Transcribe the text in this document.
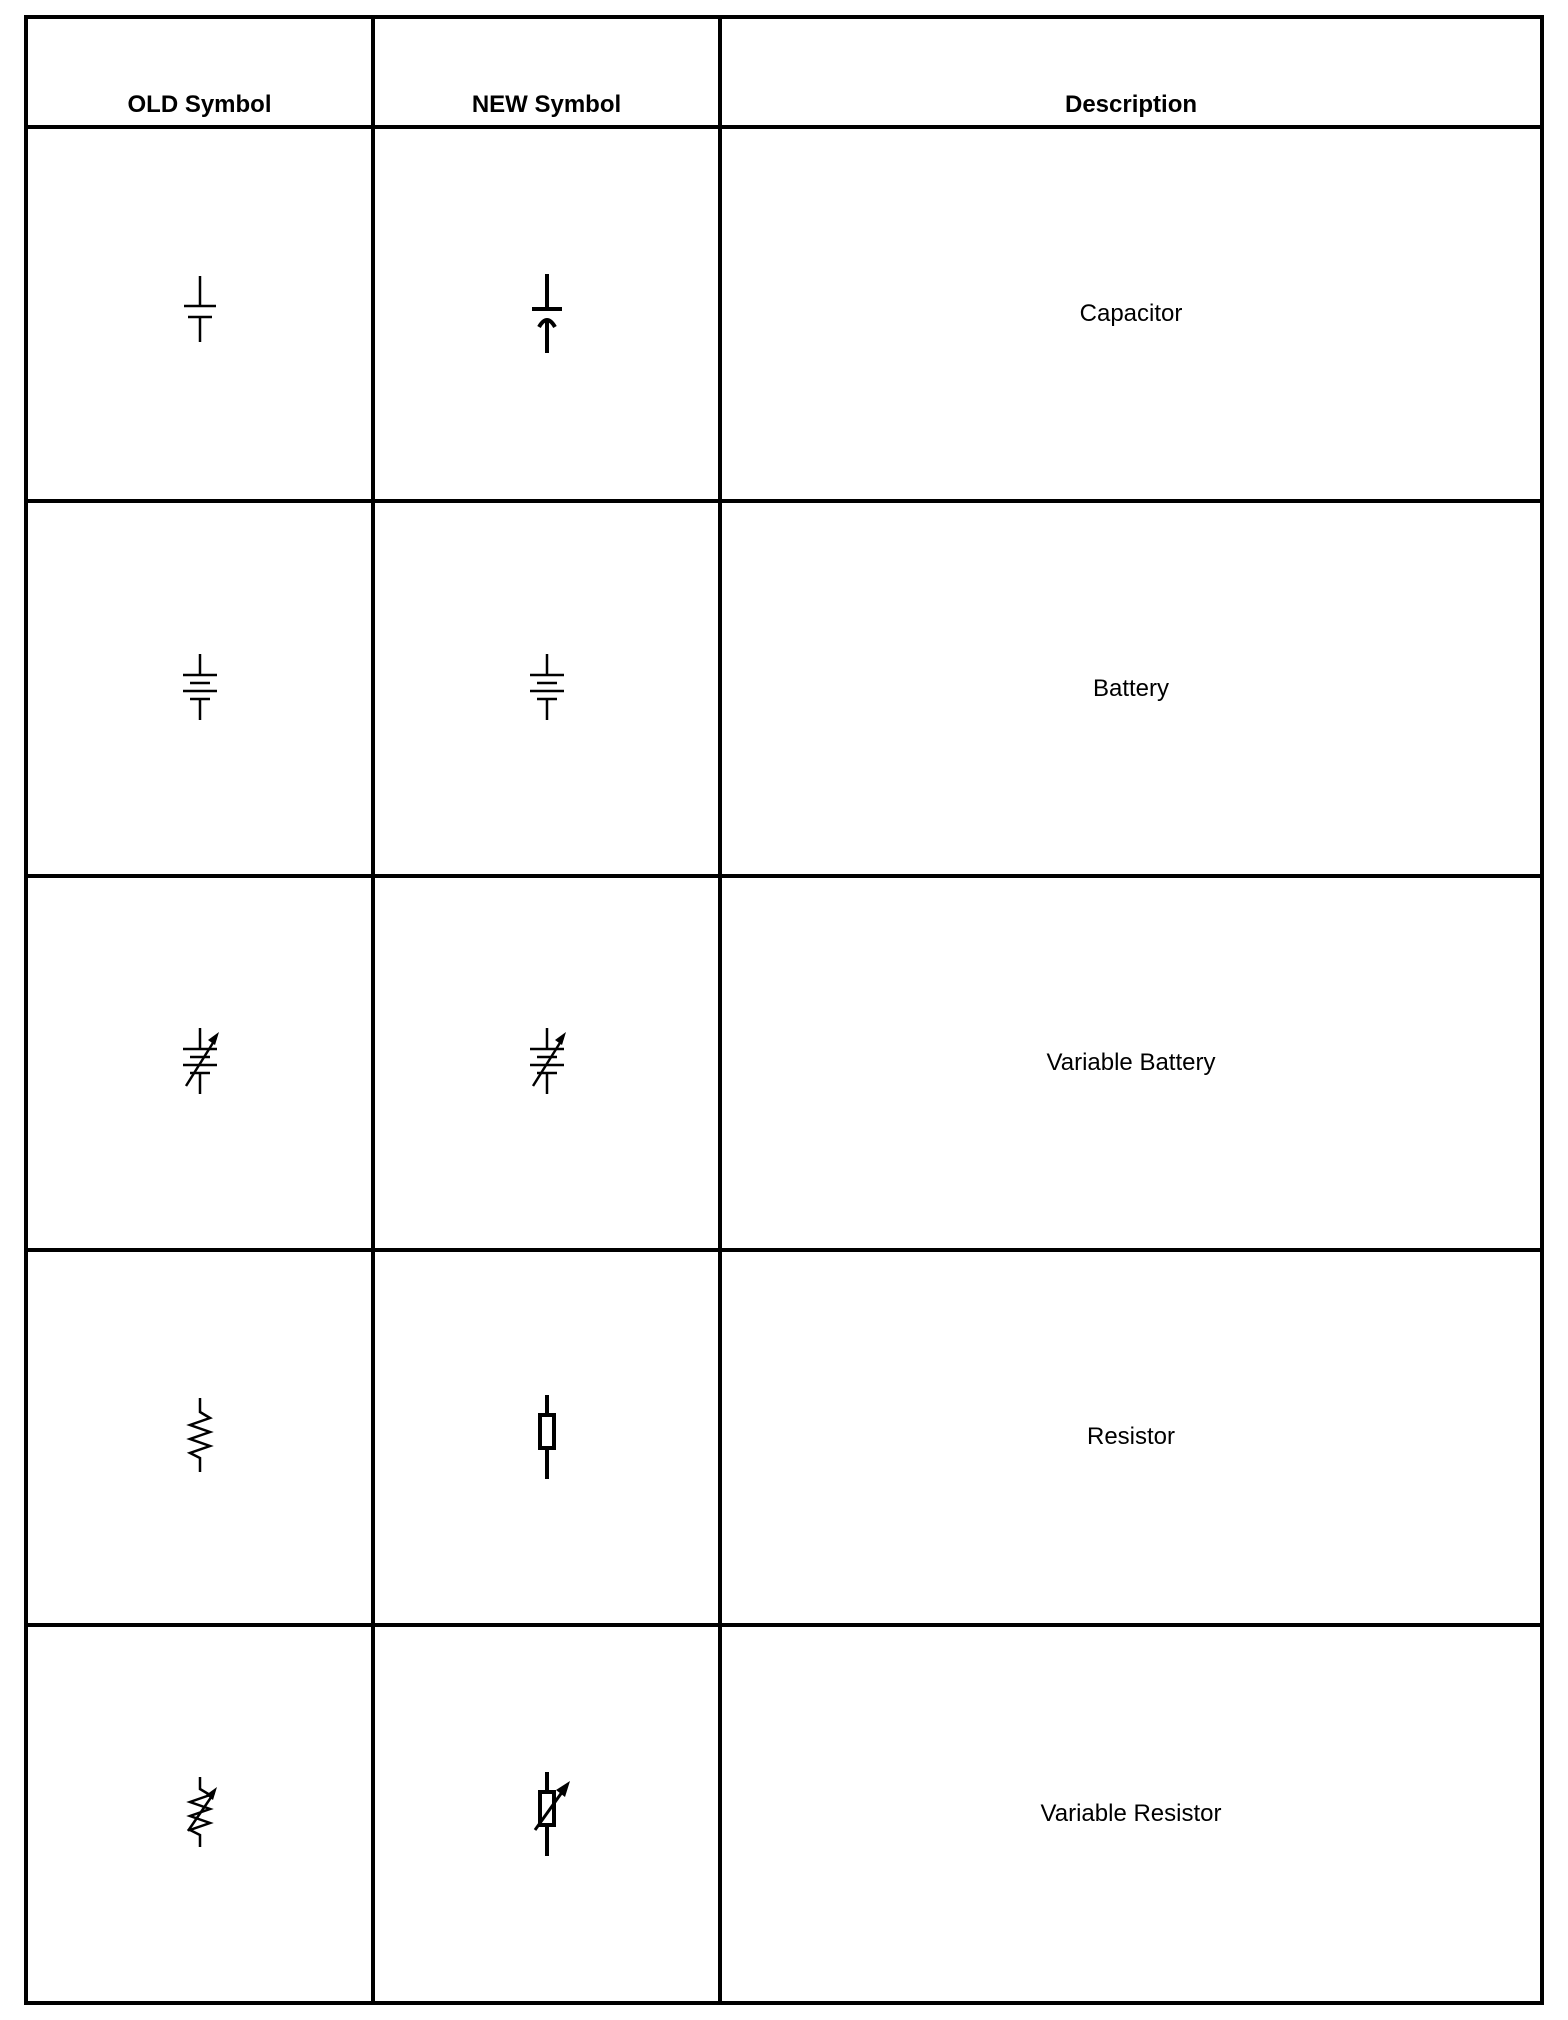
OLD Symbol	NEW Symbol	Description
Capacitor
Battery
Variable Battery
Resistor
Variable Resistor
